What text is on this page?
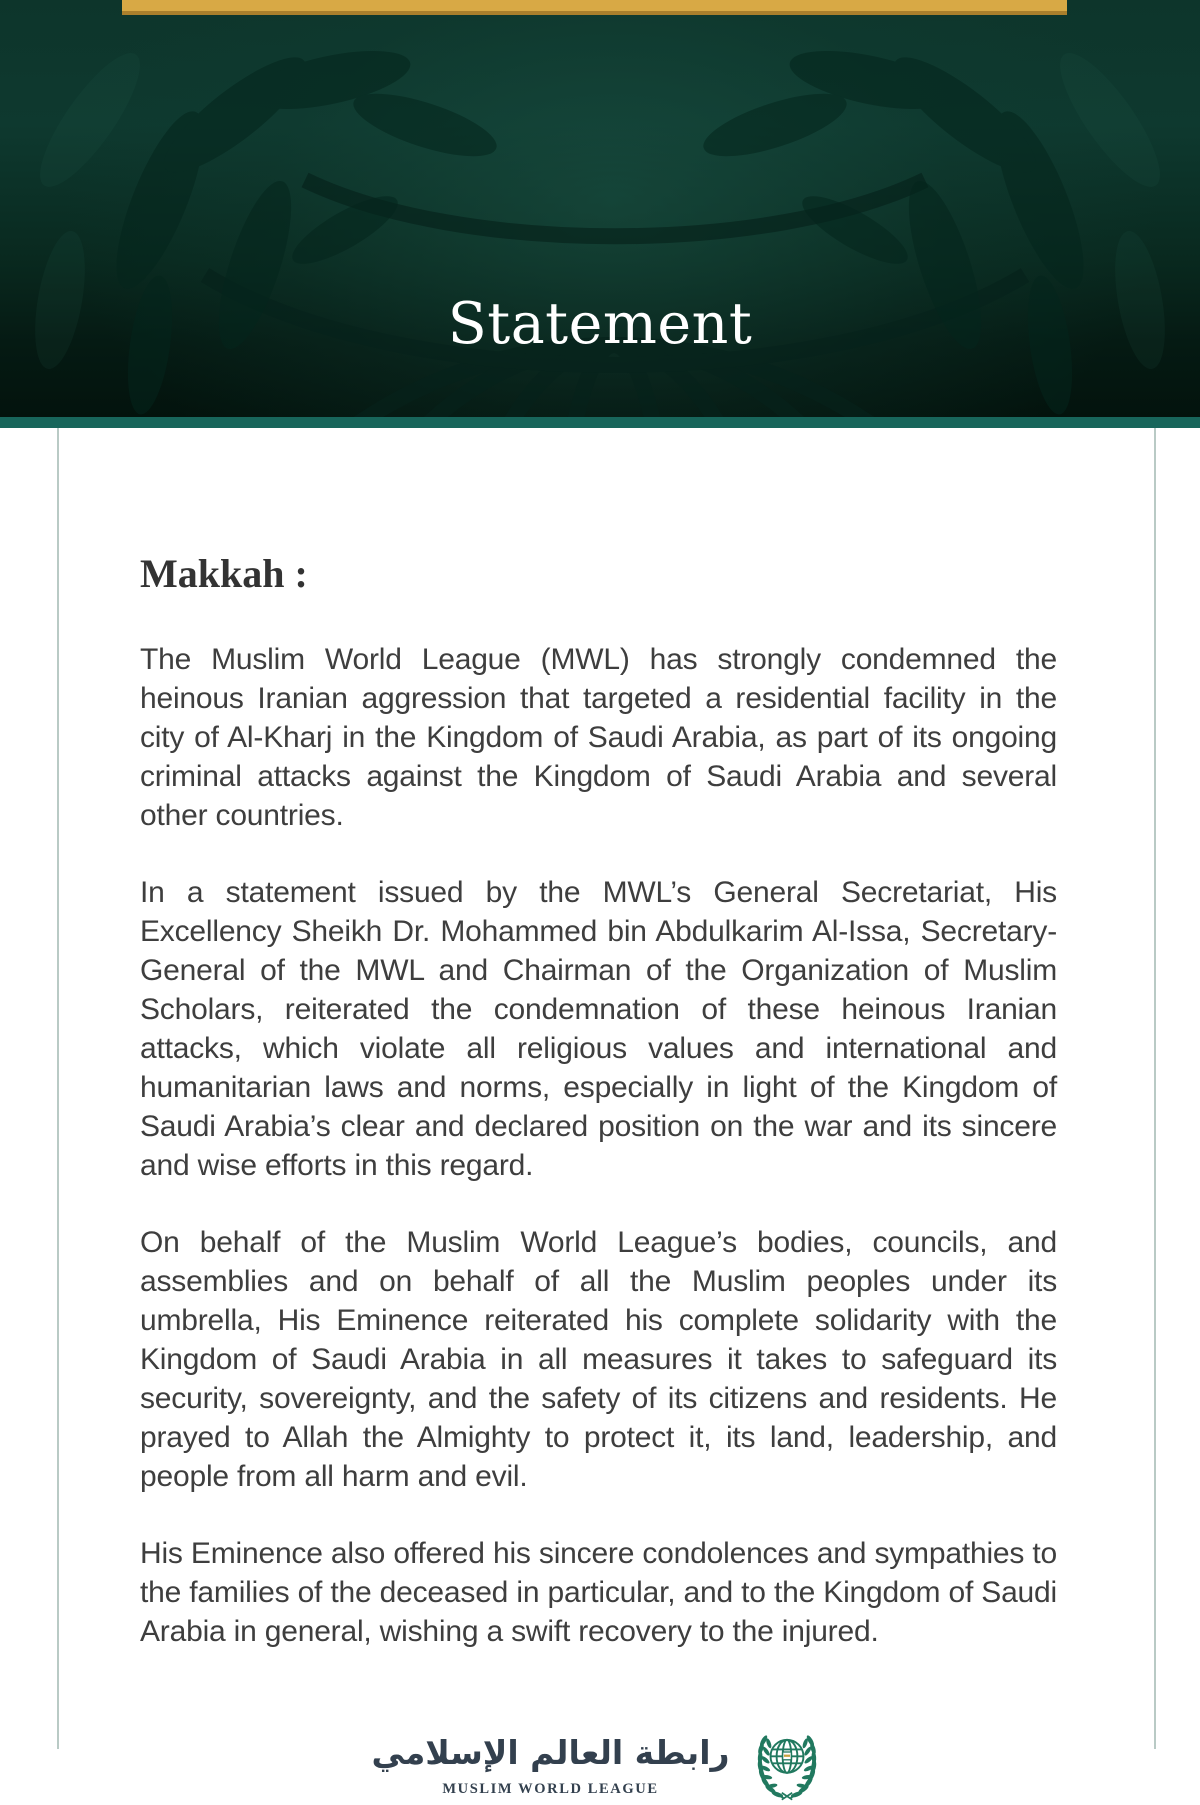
Statement
Makkah :

The Muslim World League (MWL) has strongly condemned the heinous Iranian aggression that targeted a residential facility in the city of Al-Kharj in the Kingdom of Saudi Arabia, as part of its ongoing criminal attacks against the Kingdom of Saudi Arabia and several other countries.

In a statement issued by the MWL’s General Secretariat, His Excellency Sheikh Dr. Mohammed bin Abdulkarim Al-Issa, Secretary-General of the MWL and Chairman of the Organization of Muslim Scholars, reiterated the condemnation of these heinous Iranian attacks, which violate all religious values and international and humanitarian laws and norms, especially in light of the Kingdom of Saudi Arabia’s clear and declared position on the war and its sincere and wise efforts in this regard.

On behalf of the Muslim World League’s bodies, councils, and assemblies and on behalf of all the Muslim peoples under its umbrella, His Eminence reiterated his complete solidarity with the Kingdom of Saudi Arabia in all measures it takes to safeguard its security, sovereignty, and the safety of its citizens and residents. He prayed to Allah the Almighty to protect it, its land, leadership, and people from all harm and evil.

His Eminence also offered his sincere condolences and sympathies to the families of the deceased in particular, and to the Kingdom of Saudi Arabia in general, wishing a swift recovery to the injured.

رابطة العالم الإسلامي
MUSLIM WORLD LEAGUE
